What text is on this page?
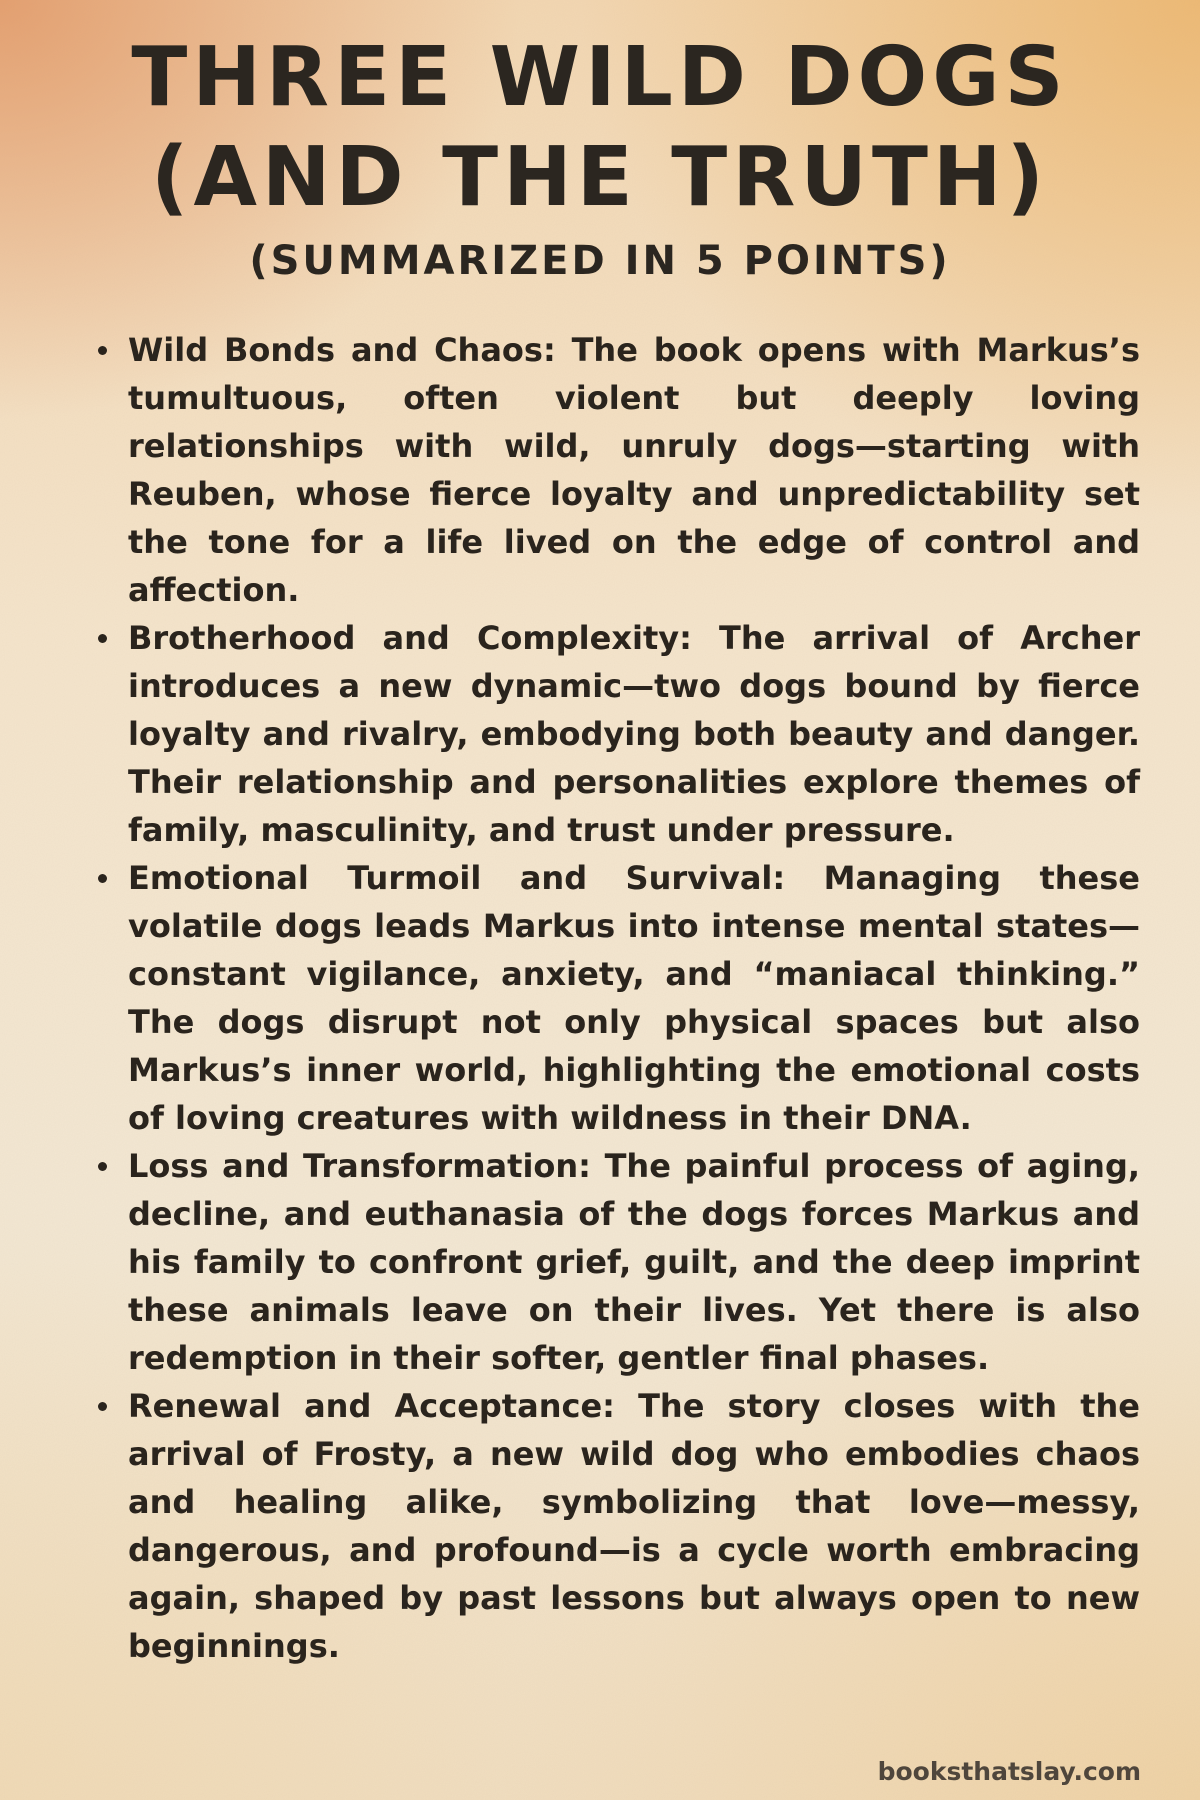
THREE WILD DOGS
(AND THE TRUTH)
(SUMMARIZED IN 5 POINTS)
Wild Bonds and Chaos: The book opens with Markus’s tumultuous, often violent but deeply loving relationships with wild, unruly dogs—starting with Reuben, whose fierce loyalty and unpredictability set the tone for a life lived on the edge of control and affection.
Brotherhood and Complexity: The arrival of Archer introduces a new dynamic—two dogs bound by fierce loyalty and rivalry, embodying both beauty and danger. Their relationship and personalities explore themes of family, masculinity, and trust under pressure.
Emotional Turmoil and Survival: Managing these volatile dogs leads Markus into intense mental states—constant vigilance, anxiety, and “maniacal thinking.” The dogs disrupt not only physical spaces but also Markus’s inner world, highlighting the emotional costs of loving creatures with wildness in their DNA.
Loss and Transformation: The painful process of aging, decline, and euthanasia of the dogs forces Markus and his family to confront grief, guilt, and the deep imprint these animals leave on their lives. Yet there is also redemption in their softer, gentler final phases.
Renewal and Acceptance: The story closes with the arrival of Frosty, a new wild dog who embodies chaos and healing alike, symbolizing that love—messy, dangerous, and profound—is a cycle worth embracing again, shaped by past lessons but always open to new beginnings.
booksthatslay.com
